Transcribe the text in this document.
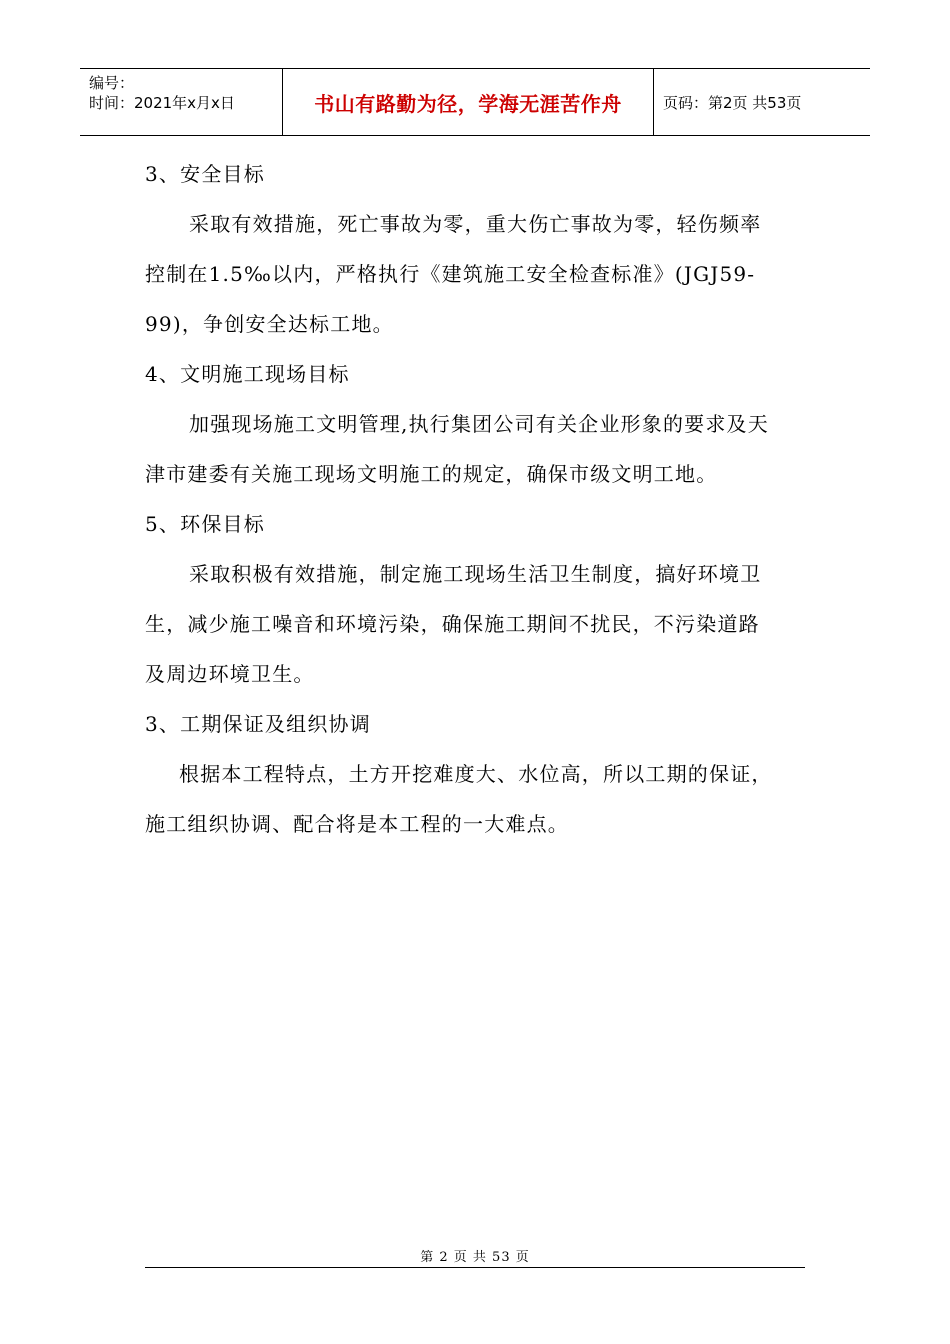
编号：
时间：2021年x月x日	书山有路勤为径，学海无涯苦作舟	页码：第2页 共53页
3、安全目标
采取有效措施，死亡事故为零，重大伤亡事故为零，轻伤频率
控制在1.5‰以内，严格执行《建筑施工安全检查标准》(JGJ59-
99)，争创安全达标工地。
4、文明施工现场目标
加强现场施工文明管理,执行集团公司有关企业形象的要求及天
津市建委有关施工现场文明施工的规定，确保市级文明工地。
5、环保目标
采取积极有效措施，制定施工现场生活卫生制度，搞好环境卫
生，减少施工噪音和环境污染，确保施工期间不扰民，不污染道路
及周边环境卫生。
3、工期保证及组织协调
根据本工程特点，土方开挖难度大、水位高，所以工期的保证，
施工组织协调、配合将是本工程的一大难点。
第 2 页 共 53 页
